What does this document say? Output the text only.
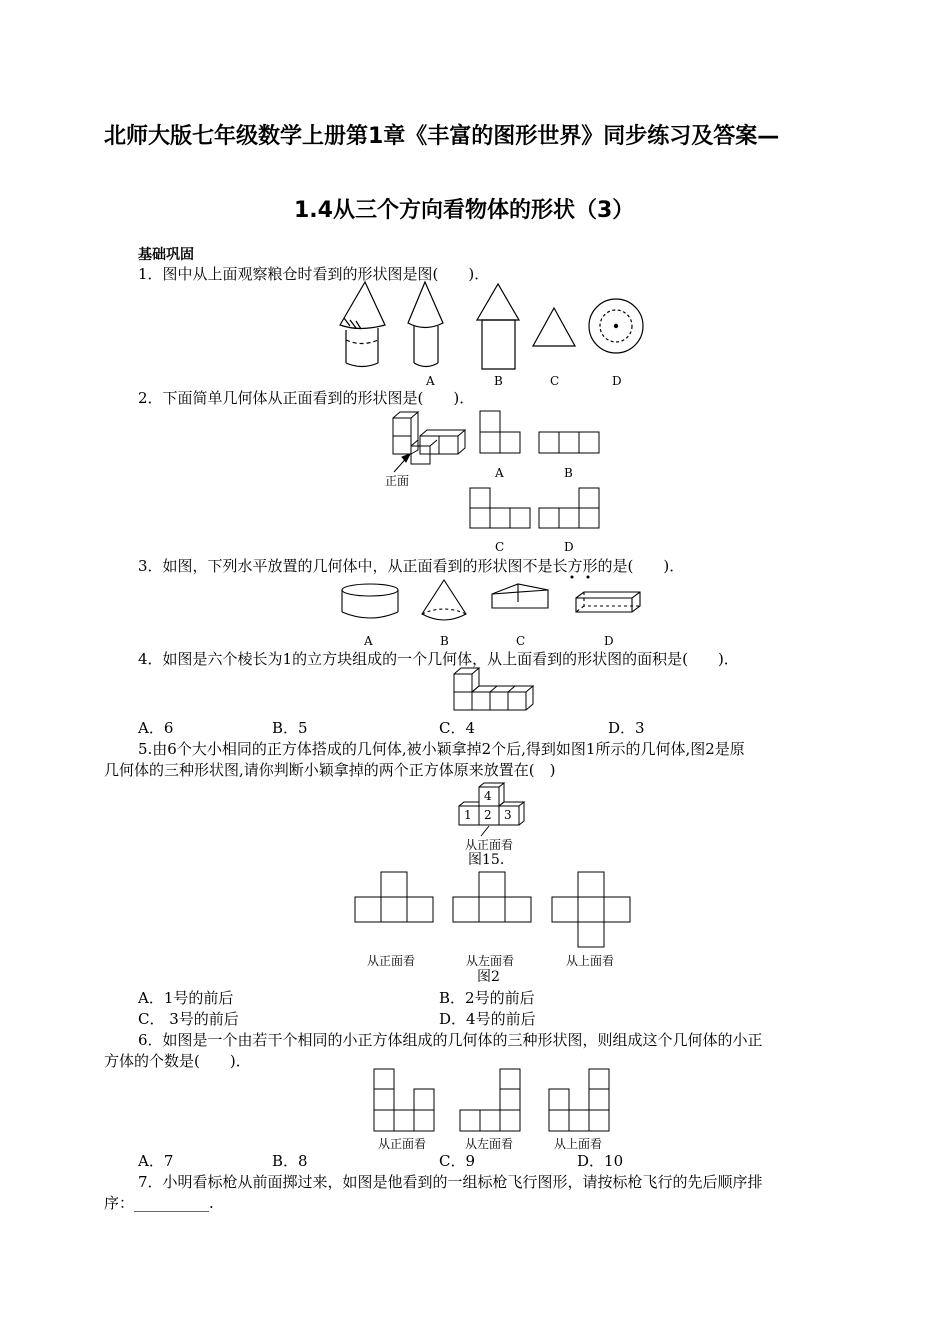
北师大版七年级数学上册第1章《丰富的图形世界》同步练习及答案—
1.4从三个方向看物体的形状（3）
基础巩固
1．图中从上面观察粮仓时看到的形状图是图(　　)．
A	B	C	D
2．下面简单几何体从正面看到的形状图是(　　)．
正面
A	B
C	D
3．如图，下列水平放置的几何体中，从正面看到的形状图不是长方形的是(　　)．
A	B	C	D
4．如图是六个棱长为1的立方块组成的一个几何体，从上面看到的形状图的面积是(　　)．
A．6	B．5	C．4	D．3
5.由6个大小相同的正方体搭成的几何体,被小颖拿掉2个后,得到如图1所示的几何体,图2是原
几何体的三种形状图,请你判断小颖拿掉的两个正方体原来放置在(　)
4
1 2 3
从正面看
图15.
从正面看	从左面看	从上面看
图2
A．1号的前后	B．2号的前后
C． 3号的前后	D．4号的前后
6．如图是一个由若干个相同的小正方体组成的几何体的三种形状图，则组成这个几何体的小正
方体的个数是(　　)．
从正面看	从左面看	从上面看
A．7	B．8	C．9	D．10
7．小明看标枪从前面掷过来，如图是他看到的一组标枪飞行图形，请按标枪飞行的先后顺序排
序：__________.
